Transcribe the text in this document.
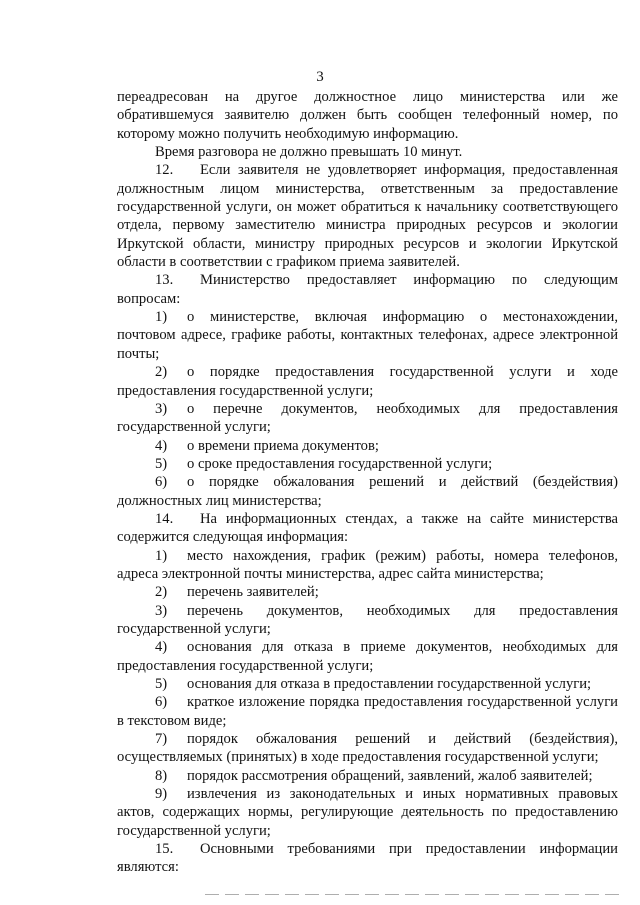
3

переадресован на другое должностное лицо министерства или же обратившемуся заявителю должен быть сообщен телефонный номер, по которому можно получить необходимую информацию.

Время разговора не должно превышать 10 минут.

12. Если заявителя не удовлетворяет информация, предоставленная должностным лицом министерства, ответственным за предоставление государственной услуги, он может обратиться к начальнику соответствующего отдела, первому заместителю министра природных ресурсов и экологии Иркутской области, министру природных ресурсов и экологии Иркутской области в соответствии с графиком приема заявителей.

13. Министерство предоставляет информацию по следующим вопросам:

1) о министерстве, включая информацию о местонахождении, почтовом адресе, графике работы, контактных телефонах, адресе электронной почты;

2) о порядке предоставления государственной услуги и ходе предоставления государственной услуги;

3) о перечне документов, необходимых для предоставления государственной услуги;

4) о времени приема документов;

5) о сроке предоставления государственной услуги;

6) о порядке обжалования решений и действий (бездействия) должностных лиц министерства;

14. На информационных стендах, а также на сайте министерства содержится следующая информация:

1) место нахождения, график (режим) работы, номера телефонов, адреса электронной почты министерства, адрес сайта министерства;

2) перечень заявителей;

3) перечень документов, необходимых для предоставления государственной услуги;

4) основания для отказа в приеме документов, необходимых для предоставления государственной услуги;

5) основания для отказа в предоставлении государственной услуги;

6) краткое изложение порядка предоставления государственной услуги в текстовом виде;

7) порядок обжалования решений и действий (бездействия), осуществляемых (принятых) в ходе предоставления государственной услуги;

8) порядок рассмотрения обращений, заявлений, жалоб заявителей;

9) извлечения из законодательных и иных нормативных правовых актов, содержащих нормы, регулирующие деятельность по предоставлению государственной услуги;

15. Основными требованиями при предоставлении информации являются:
